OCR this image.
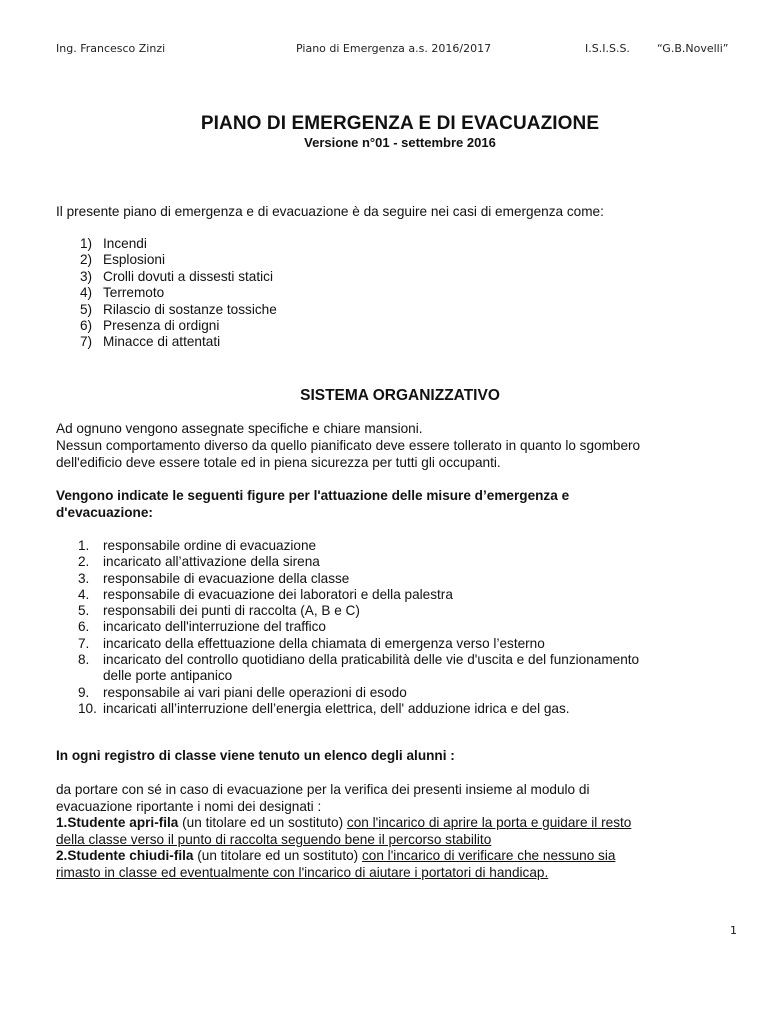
Ing. Francesco Zinzi	Piano di Emergenza a.s. 2016/2017	I.S.I.S.S. “G.B.Novelli”
PIANO DI EMERGENZA E DI EVACUAZIONE
Versione n°01 - settembre 2016
Il presente piano di emergenza e di evacuazione è da seguire nei casi di emergenza come:
1) Incendi
2) Esplosioni
3) Crolli dovuti a dissesti statici
4) Terremoto
5) Rilascio di sostanze tossiche
6) Presenza di ordigni
7) Minacce di attentati
SISTEMA ORGANIZZATIVO
Ad ognuno vengono assegnate specifiche e chiare mansioni.
Nessun comportamento diverso da quello pianificato deve essere tollerato in quanto lo sgombero
dell'edificio deve essere totale ed in piena sicurezza per tutti gli occupanti.
Vengono indicate le seguenti figure per l'attuazione delle misure d’emergenza e
d'evacuazione:
1. responsabile ordine di evacuazione
2. incaricato all’attivazione della sirena
3. responsabile di evacuazione della classe
4. responsabile di evacuazione dei laboratori e della palestra
5. responsabili dei punti di raccolta (A, B e C)
6. incaricato dell'interruzione del traffico
7. incaricato della effettuazione della chiamata di emergenza verso l’esterno
8. incaricato del controllo quotidiano della praticabilità delle vie d'uscita e del funzionamento
delle porte antipanico
9. responsabile ai vari piani delle operazioni di esodo
10. incaricati all’interruzione dell’energia elettrica, dell' adduzione idrica e del gas.
In ogni registro di classe viene tenuto un elenco degli alunni :
da portare con sé in caso di evacuazione per la verifica dei presenti insieme al modulo di
evacuazione riportante i nomi dei designati :
1.Studente apri-fila (un titolare ed un sostituto) con l'incarico di aprire la porta e guidare il resto
della classe verso il punto di raccolta seguendo bene il percorso stabilito
2.Studente chiudi-fila (un titolare ed un sostituto) con l'incarico di verificare che nessuno sia
rimasto in classe ed eventualmente con l'incarico di aiutare i portatori di handicap.
1
